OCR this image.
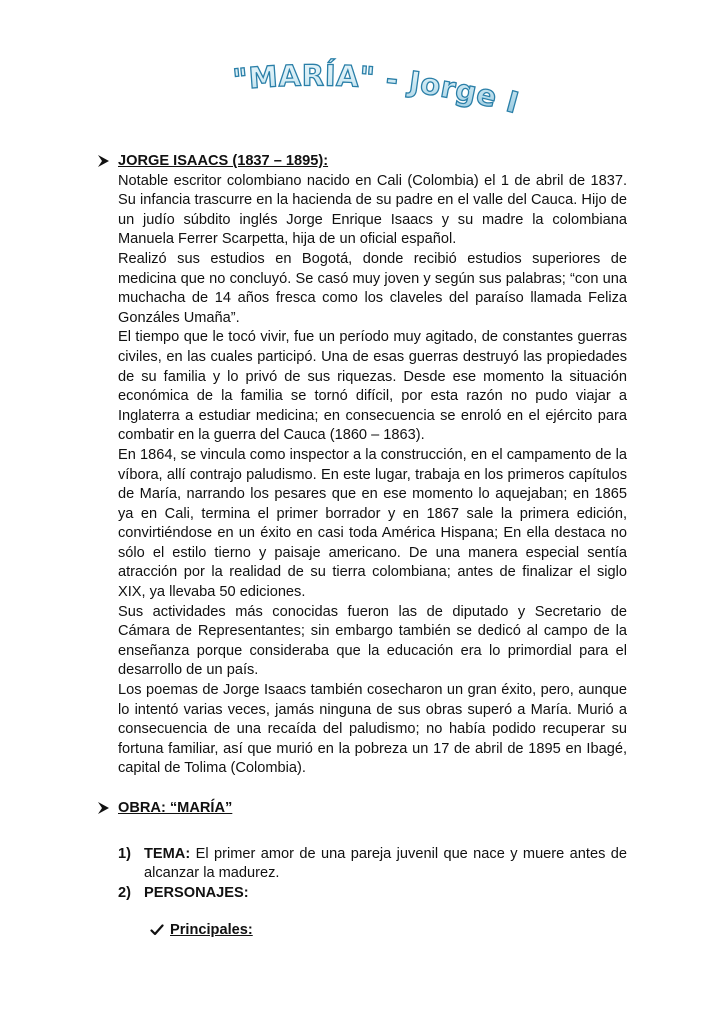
"MARÍA" - Jorge Isaacs

JORGE ISAACS (1837 – 1895):

Notable escritor colombiano nacido en Cali (Colombia) el 1 de abril de 1837. Su infancia trascurre en la hacienda de su padre en el valle del Cauca. Hijo de un judío súbdito inglés Jorge Enrique Isaacs y su madre la colombiana Manuela Ferrer Scarpetta, hija de un oficial español.

Realizó sus estudios en Bogotá, donde recibió estudios superiores de medicina que no concluyó. Se casó muy joven y según sus palabras; “con una muchacha de 14 años fresca como los claveles del paraíso llamada Feliza Gonzáles Umaña”.

El tiempo que le tocó vivir, fue un período muy agitado, de constantes guerras civiles, en las cuales participó. Una de esas guerras destruyó las propiedades de su familia y lo privó de sus riquezas. Desde ese momento la situación económica de la familia se tornó difícil, por esta razón no pudo viajar a Inglaterra a estudiar medicina; en consecuencia se enroló en el ejército para combatir en la guerra del Cauca (1860 – 1863).

En 1864, se vincula como inspector a la construcción, en el campamento de la víbora, allí contrajo paludismo. En este lugar, trabaja en los primeros capítulos de María, narrando los pesares que en ese momento lo aquejaban; en 1865 ya en Cali, termina el primer borrador y en 1867 sale la primera edición, convirtiéndose en un éxito en casi toda América Hispana; En ella destaca no sólo el estilo tierno y paisaje americano. De una manera especial sentía atracción por la realidad de su tierra colombiana; antes de finalizar el siglo XIX, ya llevaba 50 ediciones.

Sus actividades más conocidas fueron las de diputado y Secretario de Cámara de Representantes; sin embargo también se dedicó al campo de la enseñanza porque consideraba que la educación era lo primordial para el desarrollo de un país.

Los poemas de Jorge Isaacs también cosecharon un gran éxito, pero, aunque lo intentó varias veces, jamás ninguna de sus obras superó a María. Murió a consecuencia de una recaída del paludismo; no había podido recuperar su fortuna familiar, así que murió en la pobreza un 17 de abril de 1895 en Ibagé, capital de Tolima (Colombia).

OBRA: “MARÍA”

1) TEMA: El primer amor de una pareja juvenil que nace y muere antes de alcanzar la madurez.
2) PERSONAJES:
Principales:
